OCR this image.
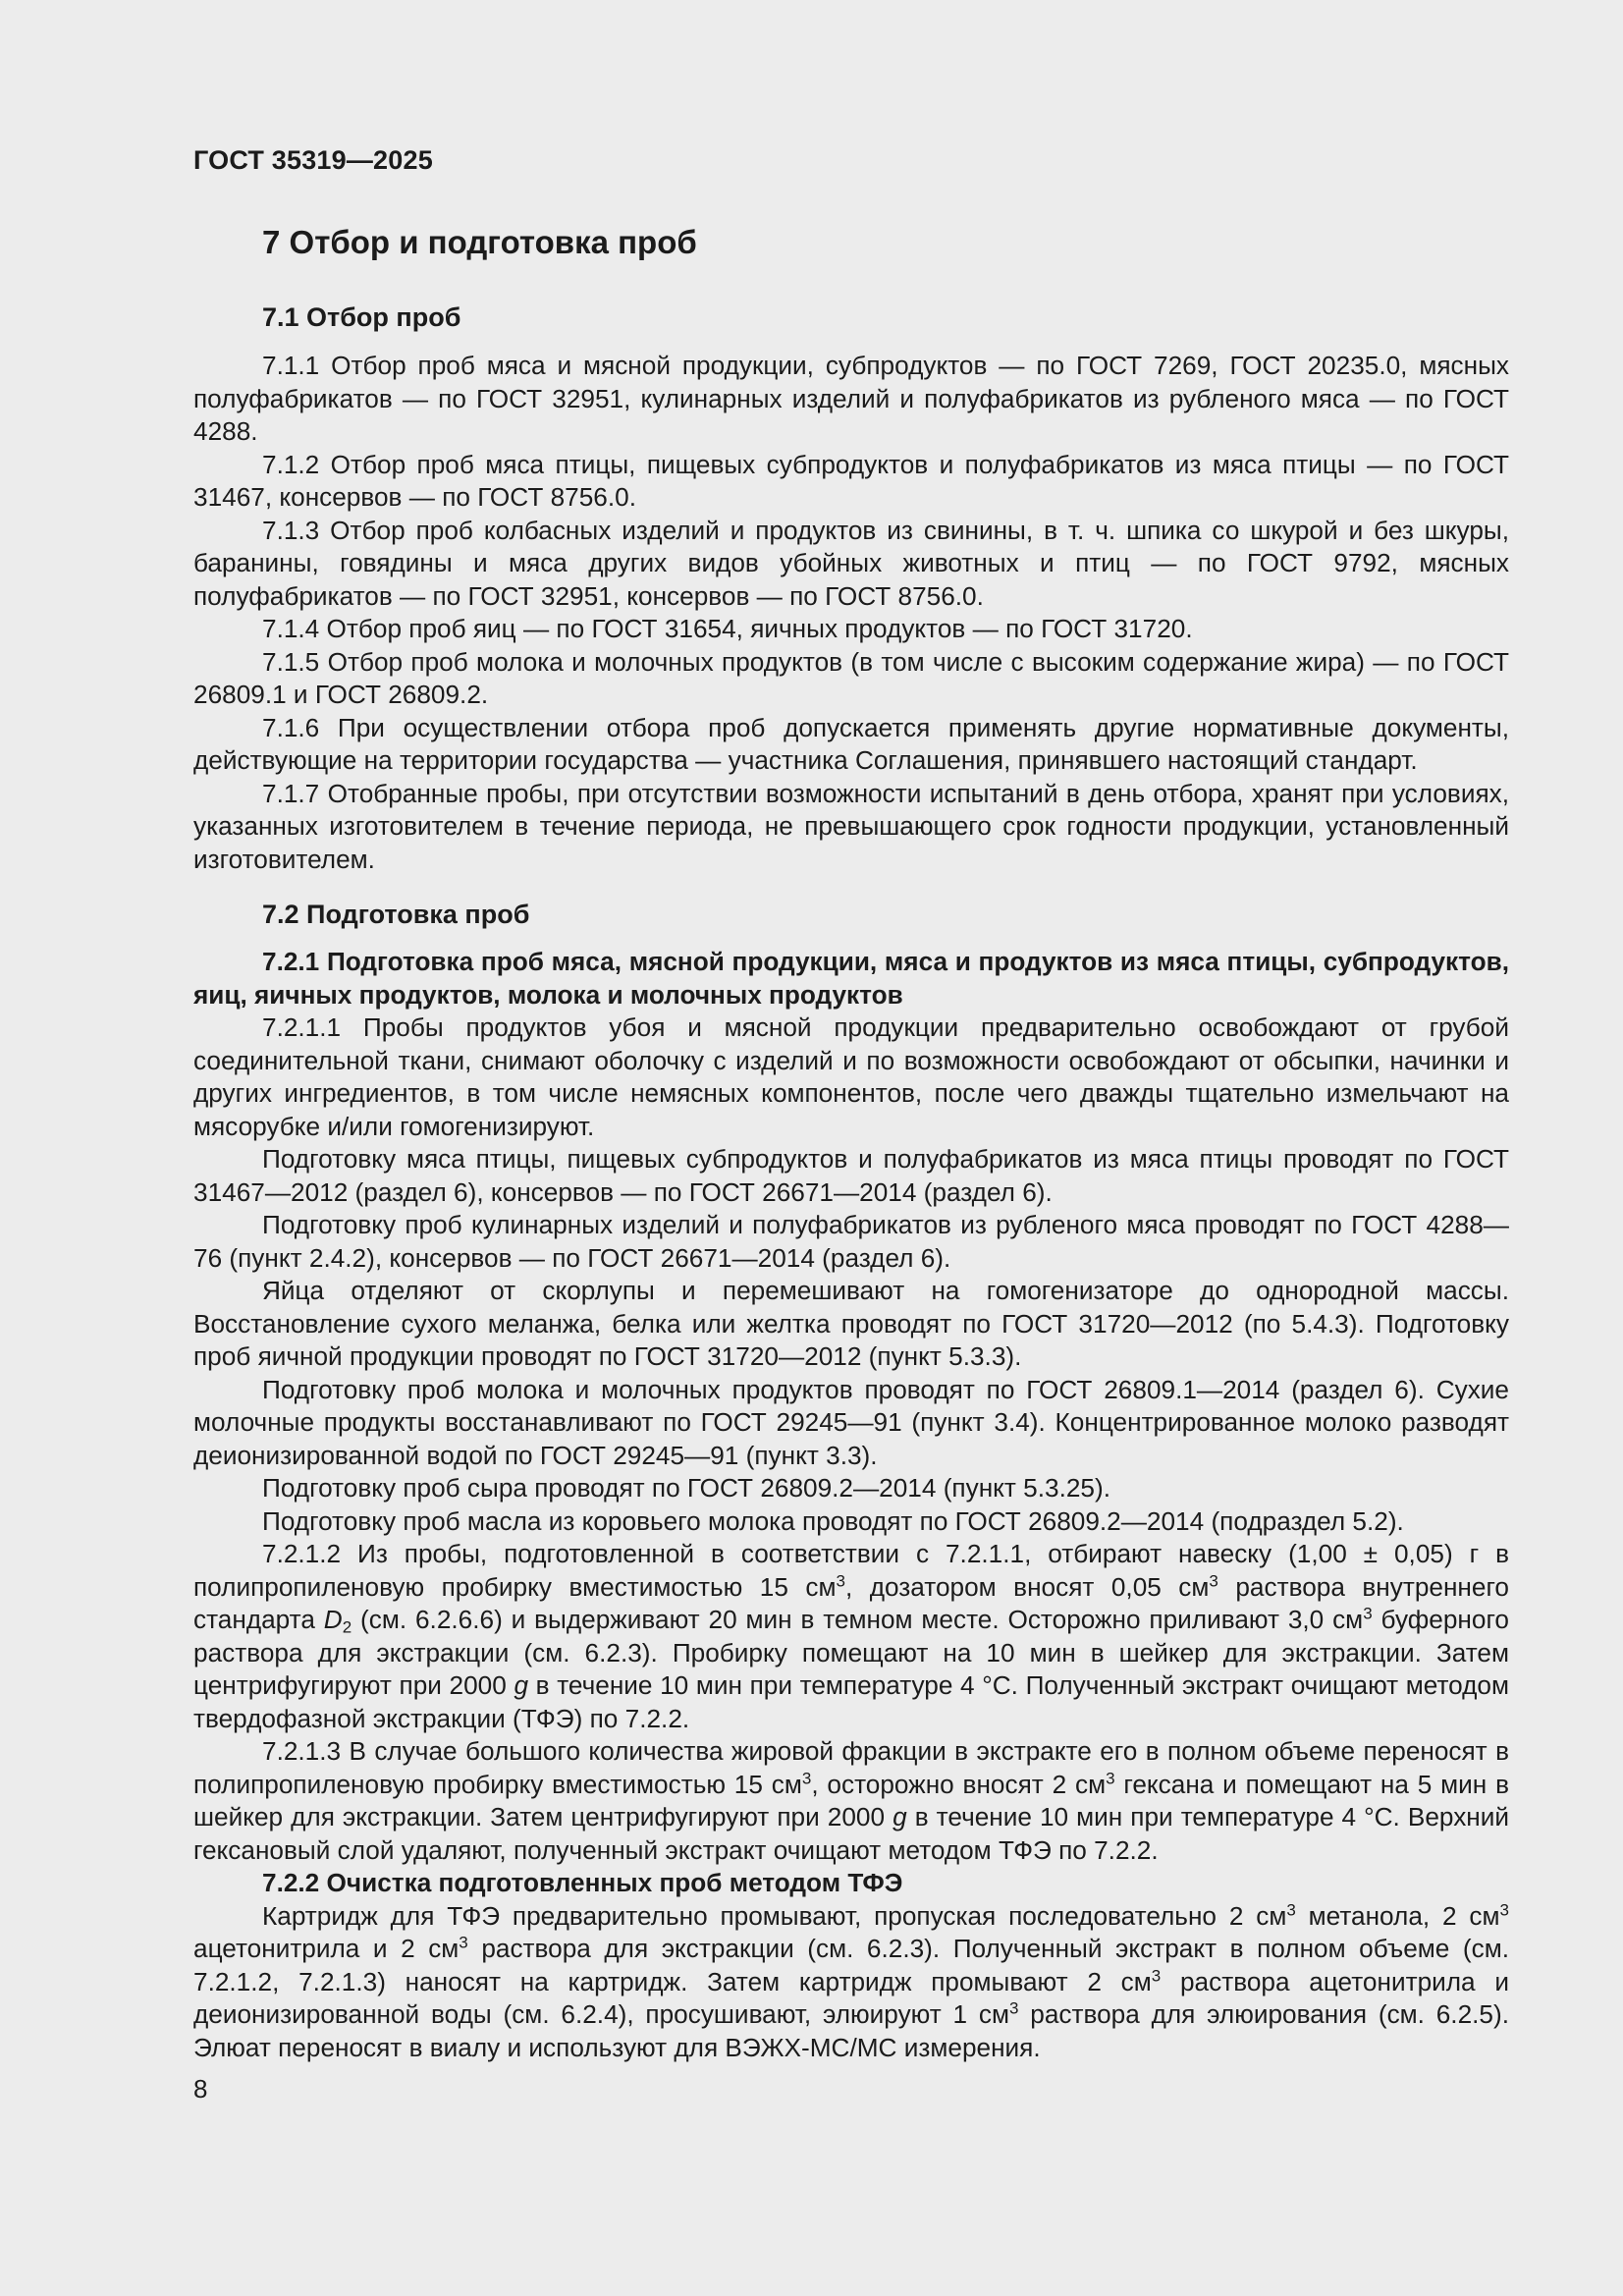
ГОСТ 35319—2025
7 Отбор и подготовка проб
7.1 Отбор проб

7.1.1 Отбор проб мяса и мясной продукции, субпродуктов — по ГОСТ 7269, ГОСТ 20235.0, мясных полуфабрикатов — по ГОСТ 32951, кулинарных изделий и полуфабрикатов из рубленого мяса — по ГОСТ 4288.

7.1.2 Отбор проб мяса птицы, пищевых субпродуктов и полуфабрикатов из мяса птицы — по ГОСТ 31467, консервов — по ГОСТ 8756.0.

7.1.3 Отбор проб колбасных изделий и продуктов из свинины, в т. ч. шпика со шкурой и без шкуры, баранины, говядины и мяса других видов убойных животных и птиц — по ГОСТ 9792, мясных полуфабрикатов — по ГОСТ 32951, консервов — по ГОСТ 8756.0.

7.1.4 Отбор проб яиц — по ГОСТ 31654, яичных продуктов — по ГОСТ 31720.

7.1.5 Отбор проб молока и молочных продуктов (в том числе с высоким содержание жира) — по ГОСТ 26809.1 и ГОСТ 26809.2.

7.1.6 При осуществлении отбора проб допускается применять другие нормативные документы, действующие на территории государства — участника Соглашения, принявшего настоящий стандарт.

7.1.7 Отобранные пробы, при отсутствии возможности испытаний в день отбора, хранят при условиях, указанных изготовителем в течение периода, не превышающего срок годности продукции, установленный изготовителем.

7.2 Подготовка проб

7.2.1 Подготовка проб мяса, мясной продукции, мяса и продуктов из мяса птицы, субпродуктов, яиц, яичных продуктов, молока и молочных продуктов

7.2.1.1 Пробы продуктов убоя и мясной продукции предварительно освобождают от грубой соединительной ткани, снимают оболочку с изделий и по возможности освобождают от обсыпки, начинки и других ингредиентов, в том числе немясных компонентов, после чего дважды тщательно измельчают на мясорубке и/или гомогенизируют.

Подготовку мяса птицы, пищевых субпродуктов и полуфабрикатов из мяса птицы проводят по ГОСТ 31467—2012 (раздел 6), консервов — по ГОСТ 26671—2014 (раздел 6).

Подготовку проб кулинарных изделий и полуфабрикатов из рубленого мяса проводят по ГОСТ 4288—76 (пункт 2.4.2), консервов — по ГОСТ 26671—2014 (раздел 6).

Яйца отделяют от скорлупы и перемешивают на гомогенизаторе до однородной массы. Восстановление сухого меланжа, белка или желтка проводят по ГОСТ 31720—2012 (по 5.4.3). Подготовку проб яичной продукции проводят по ГОСТ 31720—2012 (пункт 5.3.3).

Подготовку проб молока и молочных продуктов проводят по ГОСТ 26809.1—2014 (раздел 6). Сухие молочные продукты восстанавливают по ГОСТ 29245—91 (пункт 3.4). Концентрированное молоко разводят деионизированной водой по ГОСТ 29245—91 (пункт 3.3).

Подготовку проб сыра проводят по ГОСТ 26809.2—2014 (пункт 5.3.25).

Подготовку проб масла из коровьего молока проводят по ГОСТ 26809.2—2014 (подраздел 5.2).

7.2.1.2 Из пробы, подготовленной в соответствии с 7.2.1.1, отбирают навеску (1,00 ± 0,05) г в полипропиленовую пробирку вместимостью 15 $см^3$, дозатором вносят 0,05 $см^3$ раствора внутреннего стандарта $D_2$ (см. 6.2.6.6) и выдерживают 20 мин в темном месте. Осторожно приливают 3,0 $см^3$ буферного раствора для экстракции (см. 6.2.3). Пробирку помещают на 10 мин в шейкер для экстракции. Затем центрифугируют при 2000 g в течение 10 мин при температуре 4 °С. Полученный экстракт очищают методом твердофазной экстракции (ТФЭ) по 7.2.2.

7.2.1.3 В случае большого количества жировой фракции в экстракте его в полном объеме переносят в полипропиленовую пробирку вместимостью 15 $см^3$, осторожно вносят 2 $см^3$ гексана и помещают на 5 мин в шейкер для экстракции. Затем центрифугируют при 2000 g в течение 10 мин при температуре 4 °С. Верхний гексановый слой удаляют, полученный экстракт очищают методом ТФЭ по 7.2.2.

7.2.2 Очистка подготовленных проб методом ТФЭ

Картридж для ТФЭ предварительно промывают, пропуская последовательно 2 $см^3$ метанола, 2 $см^3$ ацетонитрила и 2 $см^3$ раствора для экстракции (см. 6.2.3). Полученный экстракт в полном объеме (см. 7.2.1.2, 7.2.1.3) наносят на картридж. Затем картридж промывают 2 $см^3$ раствора ацетонитрила и деионизированной воды (см. 6.2.4), просушивают, элюируют 1 $см^3$ раствора для элюирования (см. 6.2.5). Элюат переносят в виалу и используют для ВЭЖХ-МС/МС измерения.

8
